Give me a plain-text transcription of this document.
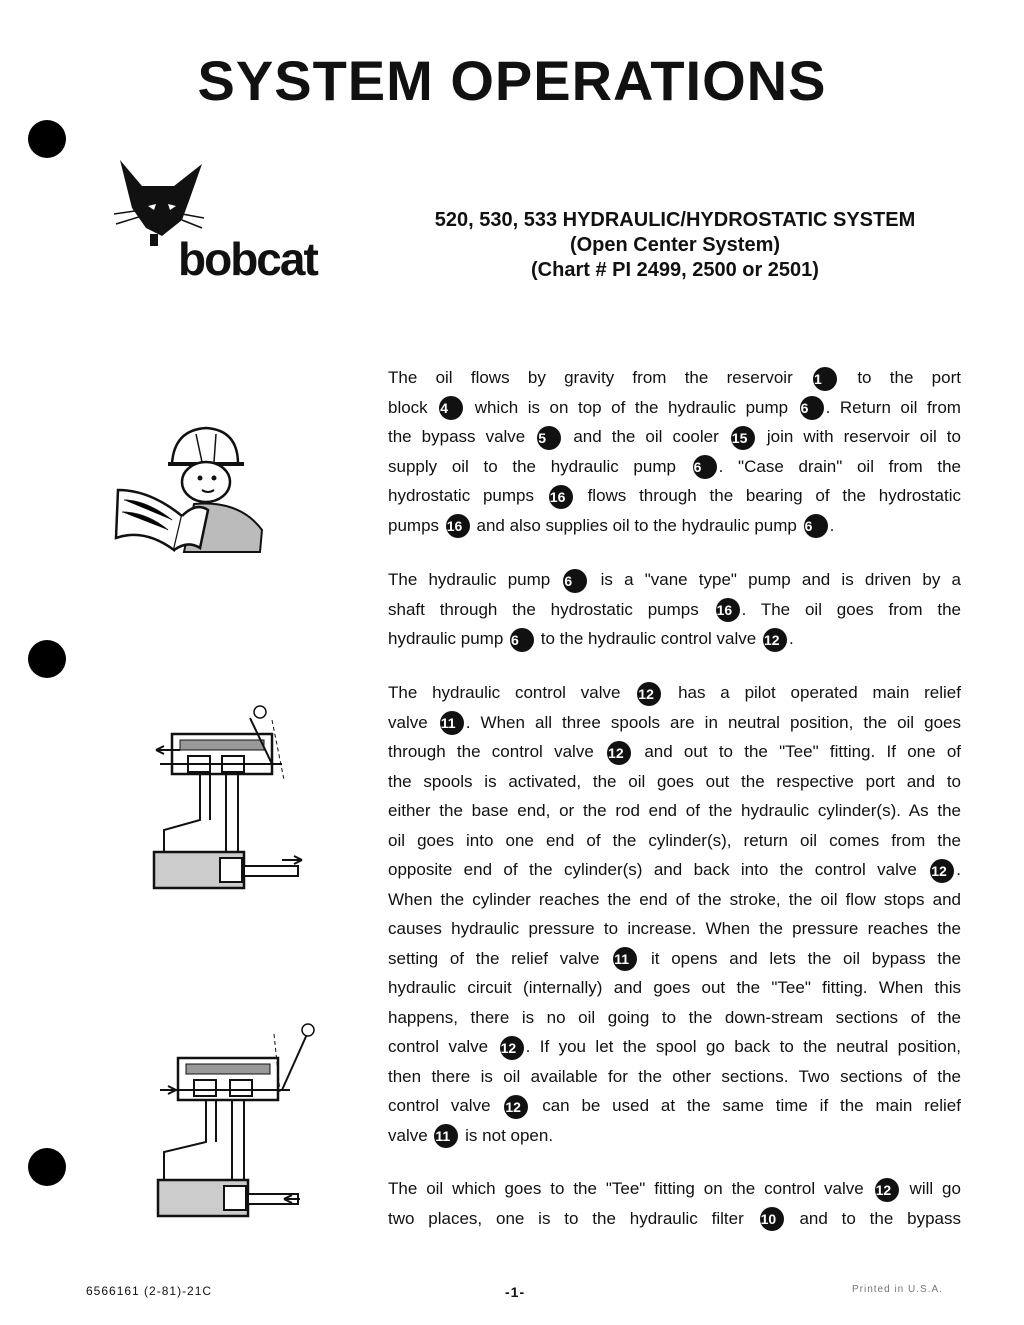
SYSTEM OPERATIONS
bobcat
520, 530, 533 HYDRAULIC/HYDROSTATIC SYSTEM
(Open Center System)
(Chart # PI 2499, 2500 or 2501)
The oil flows by gravity from the reservoir 1 to the port
block 4 which is on top of the hydraulic pump 6 . Return oil from
the bypass valve 5 and the oil cooler 15 join with reservoir oil to
supply oil to the hydraulic pump 6 . "Case drain" oil from the
hydrostatic pumps 16 flows through the bearing of the hydrostatic
pumps 16 and also supplies oil to the hydraulic pump 6 .
The hydraulic pump 6 is a "vane type" pump and is driven by a
shaft through the hydrostatic pumps 16 . The oil goes from the
hydraulic pump 6 to the hydraulic control valve 12 .
The hydraulic control valve 12 has a pilot operated main relief
valve 11 . When all three spools are in neutral position, the oil goes
through the control valve 12 and out to the "Tee" fitting. If one of
the spools is activated, the oil goes out the respective port and to
either the base end, or the rod end of the hydraulic cylinder(s). As the
oil goes into one end of the cylinder(s), return oil comes from the
opposite end of the cylinder(s) and back into the control valve 12 .
When the cylinder reaches the end of the stroke, the oil flow stops and
causes hydraulic pressure to increase. When the pressure reaches the
setting of the relief valve 11 it opens and lets the oil bypass the
hydraulic circuit (internally) and goes out the "Tee" fitting. When this
happens, there is no oil going to the down-stream sections of the
control valve 12 . If you let the spool go back to the neutral position,
then there is oil available for the other sections. Two sections of the
control valve 12 can be used at the same time if the main relief
valve 11 is not open.
The oil which goes to the "Tee" fitting on the control valve 12 will go
two places, one is to the hydraulic filter 10 and to the bypass
6566161 (2-81)-21C	-1-	Printed in U.S.A.
